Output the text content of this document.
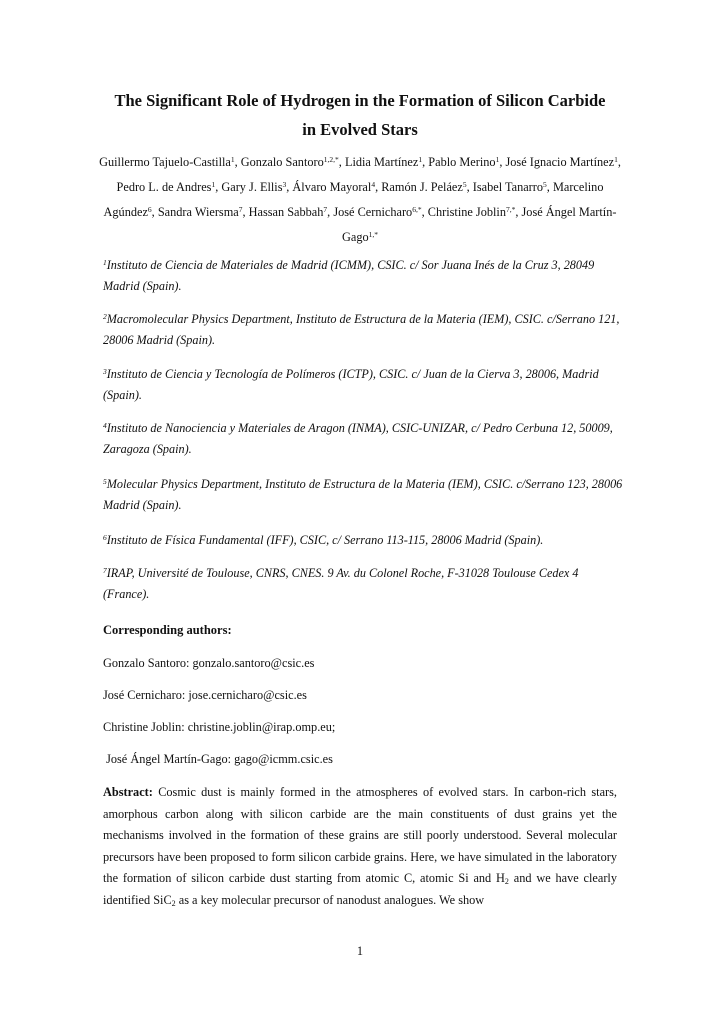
The Significant Role of Hydrogen in the Formation of Silicon Carbide
in Evolved Stars
Guillermo Tajuelo-Castilla$^1$, Gonzalo Santoro$^{1,2,*}$, Lidia Martínez$^1$, Pablo Merino$^1$, José Ignacio Martínez$^1$, Pedro L. de Andres$^1$, Gary J. Ellis$^3$, Álvaro Mayoral$^4$, Ramón J. Peláez$^5$, Isabel Tanarro$^5$, Marcelino Agúndez$^6$, Sandra Wiersma$^7$, Hassan Sabbah$^7$, José Cernicharo$^{6,*}$, Christine Joblin$^{7,*}$, José Ángel Martín-Gago$^{1,*}$
$^1$Instituto de Ciencia de Materiales de Madrid (ICMM), CSIC. c/ Sor Juana Inés de la Cruz 3, 28049 Madrid (Spain).
$^2$Macromolecular Physics Department, Instituto de Estructura de la Materia (IEM), CSIC. c/Serrano 121, 28006 Madrid (Spain).
$^3$Instituto de Ciencia y Tecnología de Polímeros (ICTP), CSIC. c/ Juan de la Cierva 3, 28006, Madrid (Spain).
$^4$Instituto de Nanociencia y Materiales de Aragon (INMA), CSIC-UNIZAR, c/ Pedro Cerbuna 12, 50009, Zaragoza (Spain).
$^5$Molecular Physics Department, Instituto de Estructura de la Materia (IEM), CSIC. c/Serrano 123, 28006 Madrid (Spain).
$^6$Instituto de Física Fundamental (IFF), CSIC, c/ Serrano 113-115, 28006 Madrid (Spain).
$^7$IRAP, Université de Toulouse, CNRS, CNES. 9 Av. du Colonel Roche, F-31028 Toulouse Cedex 4 (France).
Corresponding authors:
Gonzalo Santoro: gonzalo.santoro@csic.es
José Cernicharo: jose.cernicharo@csic.es
Christine Joblin: christine.joblin@irap.omp.eu;
José Ángel Martín-Gago: gago@icmm.csic.es
Abstract: Cosmic dust is mainly formed in the atmospheres of evolved stars. In carbon-rich stars, amorphous carbon along with silicon carbide are the main constituents of dust grains yet the mechanisms involved in the formation of these grains are still poorly understood. Several molecular precursors have been proposed to form silicon carbide grains. Here, we have simulated in the laboratory the formation of silicon carbide dust starting from atomic C, atomic Si and $H_2$ and we have clearly identified SiC$_2$ as a key molecular precursor of nanodust analogues. We show
1
